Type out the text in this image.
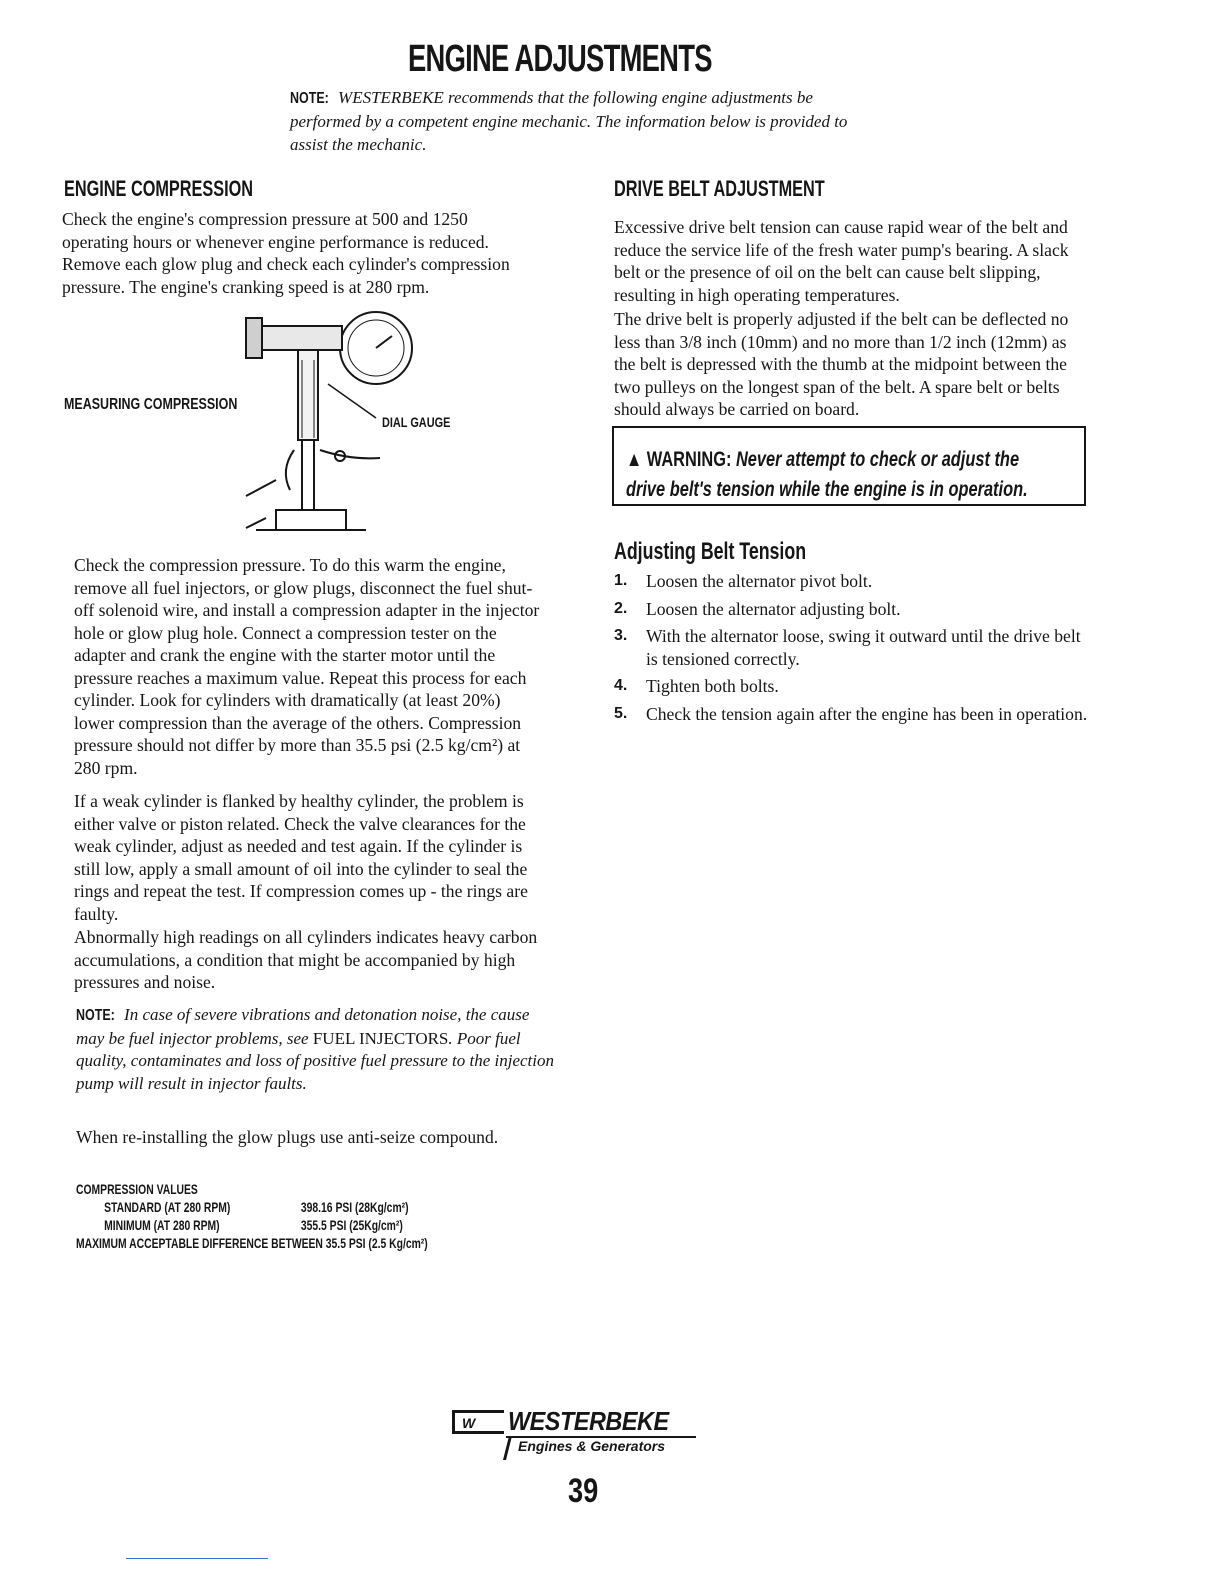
ENGINE ADJUSTMENTS
NOTE: WESTERBEKE recommends that the following engine adjustments be performed by a competent engine mechanic. The information below is provided to assist the mechanic.
ENGINE COMPRESSION

Check the engine's compression pressure at 500 and 1250 operating hours or whenever engine performance is reduced. Remove each glow plug and check each cylinder's compression pressure. The engine's cranking speed is at 280 rpm.

MEASURING COMPRESSION
DIAL GAUGE

Check the compression pressure. To do this warm the engine, remove all fuel injectors, or glow plugs, disconnect the fuel shut-off solenoid wire, and install a compression adapter in the injector hole or glow plug hole. Connect a compression tester on the adapter and crank the engine with the starter motor until the pressure reaches a maximum value. Repeat this process for each cylinder. Look for cylinders with dramatically (at least 20%) lower compression than the average of the others. Compression pressure should not differ by more than 35.5 psi (2.5 kg/cm²) at 280 rpm.

If a weak cylinder is flanked by healthy cylinder, the problem is either valve or piston related. Check the valve clearances for the weak cylinder, adjust as needed and test again. If the cylinder is still low, apply a small amount of oil into the cylinder to seal the rings and repeat the test. If compression comes up - the rings are faulty.

Abnormally high readings on all cylinders indicates heavy carbon accumulations, a condition that might be accompanied by high pressures and noise.

NOTE: In case of severe vibrations and detonation noise, the cause may be fuel injector problems, see FUEL INJECTORS. Poor fuel quality, contaminates and loss of positive fuel pressure to the injection pump will result in injector faults.

When re-installing the glow plugs use anti-seize compound.

COMPRESSION VALUES
STANDARD (AT 280 RPM)	398.16 PSI (28Kg/cm²)
MINIMUM (AT 280 RPM)	355.5 PSI (25Kg/cm²)
MAXIMUM ACCEPTABLE DIFFERENCE BETWEEN 35.5 PSI (2.5 Kg/cm²)
DRIVE BELT ADJUSTMENT

Excessive drive belt tension can cause rapid wear of the belt and reduce the service life of the fresh water pump's bearing. A slack belt or the presence of oil on the belt can cause belt slipping, resulting in high operating temperatures.

The drive belt is properly adjusted if the belt can be deflected no less than 3/8 inch (10mm) and no more than 1/2 inch (12mm) as the belt is depressed with the thumb at the midpoint between the two pulleys on the longest span of the belt. A spare belt or belts should always be carried on board.

▲ WARNING: Never attempt to check or adjust the
drive belt's tension while the engine is in operation.
Adjusting Belt Tension
1. Loosen the alternator pivot bolt.
2. Loosen the alternator adjusting bolt.
3. With the alternator loose, swing it outward until the drive belt is tensioned correctly.
4. Tighten both bolts.
5. Check the tension again after the engine has been in operation.
W WESTERBEKE
Engines & Generators
39
